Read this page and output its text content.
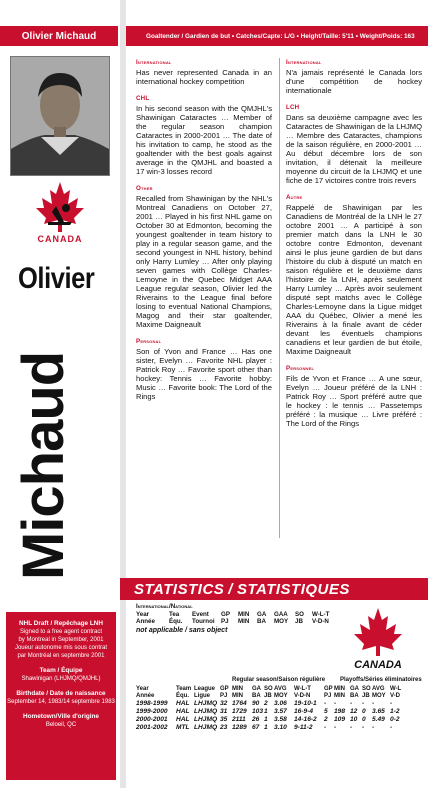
Olivier Michaud
CANADA
Olivier
Michaud
NHL Draft / Repêchage LNH
Signed to a free agent contract
by Montreal in September, 2001
Joueur autonome mis sous contrat
par Montréal en septembre 2001
Team / Équipe
Shawinigan (LHJMQ/QMJHL)
Birthdate / Date de naissance
September 14, 1983/14 septembre 1983
Hometown/Ville d'origine
Beloeil, QC
Goaltender / Gardien de but • Catches/Capte: L/G • Height/Taille: 5'11 • Weight/Poids: 163
International

Has never represented Canada in an international hockey competition

CHL

In his second season with the QMJHL's Shawinigan Cataractes … Member of the regular season champion Cataractes in 2000-2001 … The date of his invitation to camp, he stood as the goaltender with the best goals against average in the QMJHL and boasted a 17 win-3 losses record

Other

Recalled from Shawinigan by the NHL's Montreal Canadiens on October 27, 2001 … Played in his first NHL game on October 30 at Edmonton, becoming the youngest goaltender in team history to play in a regular season game, and the second youngest in NHL history, behind only Harry Lumley … After only playing seven games with Collège Charles-Lemoyne in the Quebec Midget AAA League regular season, Olivier led the Riverains to the League final before losing to eventual National Champions, Magog and their star goaltender, Maxime Daigneault

Personal

Son of Yvon and France … Has one sister, Evelyn … Favorite NHL player : Patrick Roy … Favorite sport other than hockey: Tennis … Favorite hobby: Music … Favorite book: The Lord of the Rings

International

N'a jamais représenté le Canada lors d'une compétition de hockey internationale

LCH

Dans sa deuxième campagne avec les Cataractes de Shawinigan de la LHJMQ … Membre des Cataractes, champions de la saison régulière, en 2000-2001 … Au début décembre lors de son invitation, il détenait la meilleure moyenne du circuit de la LHJMQ et une fiche de 17 victoires contre trois revers

Autre

Rappelé de Shawinigan par les Canadiens de Montréal de la LNH le 27 octobre 2001 … A participé à son premier match dans la LNH le 30 octobre contre Edmonton, devenant ainsi le plus jeune gardien de but dans l'histoire du club à disputé un match en saison régulière et le deuxième dans l'histoire de la LNH, après seulement Harry Lumley … Après avoir seulement disputé sept matchs avec le Collège Charles-Lemoyne dans la Ligue midget AAA du Québec, Olivier a mené les Riverains à la finale avant de céder devant les éventuels champions canadiens et leur gardien de but étoile, Maxime Daigneault

Personnel

Fils de Yvon et France … A une sœur, Evelyn … Joueur préféré de la LNH : Patrick Roy … Sport préféré autre que le hockey : le tennis … Passetemps préféré : la musique … Livre préféré : The Lord of the Rings

STATISTICS / STATISTIQUES
International/National
Year	Tea	Event	GP	MIN	GA	GAA	SO	W-L-T
Année	Équ.	Tournoi	PJ	MIN	BA	MOY	JB	V-D-N
not applicable / sans object
CANADA
Regular season/Saison régulière Playoffs/Séries éliminatoires
Year	Team	League	GP	MIN	GA	SO	AVG	W-L-T	GP	MIN	GA	SO	AVG	W-L
Année	Équ.	Ligue	PJ	MIN	BA	JB	MOY	V-D-N	PJ	MIN	BA	JB	MOY	V-D
1998-1999	HAL	LHJMQ	32	1764	90	2	3.06	19-10-1	-	-	-	-	-	-
1999-2000	HAL	LHJMQ	31	1729	103	1	3.57	16-9-4	5	198	12	0	3.65	1-2
2000-2001	HAL	LHJMQ	35	2111	26	1	3.58	14-16-2	2	109	10	0	5.49	0-2
2001-2002	MTL	LHJMQ	23	1289	67	1	3.10	9-11-2	-	-	-	-	-	-
